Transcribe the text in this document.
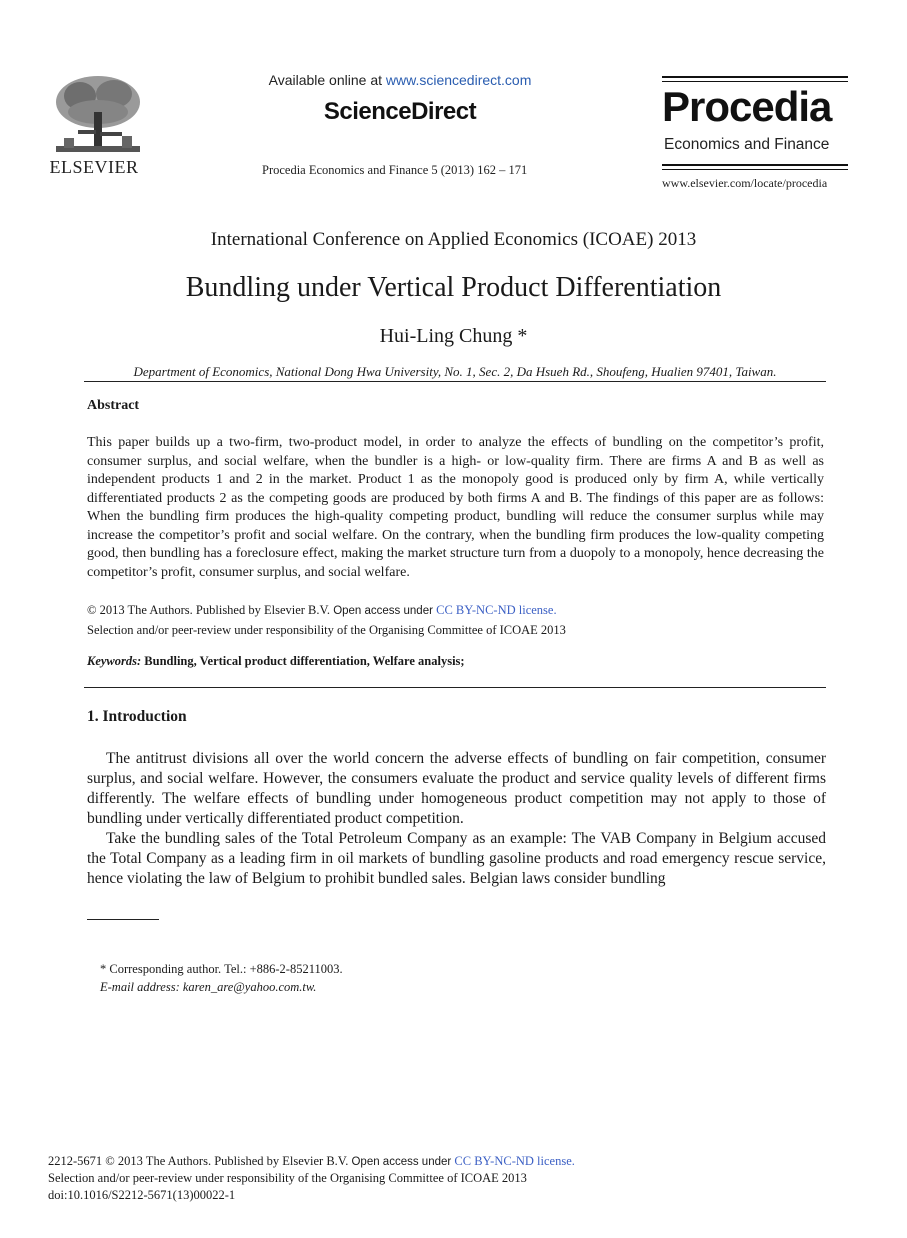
ELSEVIER
Available online at www.sciencedirect.com
ScienceDirect
Procedia Economics and Finance 5 (2013) 162 – 171
Procedia
Economics and Finance
www.elsevier.com/locate/procedia
International Conference on Applied Economics (ICOAE) 2013
Bundling under Vertical Product Differentiation
Hui-Ling Chung *
Department of Economics, National Dong Hwa University, No. 1, Sec. 2, Da Hsueh Rd., Shoufeng, Hualien 97401, Taiwan.
Abstract
This paper builds up a two-firm, two-product model, in order to analyze the effects of bundling on the competitor’s profit, consumer surplus, and social welfare, when the bundler is a high- or low-quality firm. There are firms A and B as well as independent products 1 and 2 in the market. Product 1 as the monopoly good is produced only by firm A, while vertically differentiated products 2 as the competing goods are produced by both firms A and B. The findings of this paper are as follows: When the bundling firm produces the high-quality competing product, bundling will reduce the consumer surplus while may increase the competitor’s profit and social welfare. On the contrary, when the bundling firm produces the low-quality competing good, then bundling has a foreclosure effect, making the market structure turn from a duopoly to a monopoly, hence decreasing the competitor’s profit, consumer surplus, and social welfare.
© 2013 The Authors. Published by Elsevier B.V. Open access under CC BY-NC-ND license.
Selection and/or peer-review under responsibility of the Organising Committee of ICOAE 2013
Keywords: Bundling, Vertical product differentiation, Welfare analysis;
1. Introduction
The antitrust divisions all over the world concern the adverse effects of bundling on fair competition, consumer surplus, and social welfare. However, the consumers evaluate the product and service quality levels of different firms differently. The welfare effects of bundling under homogeneous product competition may not apply to those of bundling under vertically differentiated product competition.
Take the bundling sales of the Total Petroleum Company as an example: The VAB Company in Belgium accused the Total Company as a leading firm in oil markets of bundling gasoline products and road emergency rescue service, hence violating the law of Belgium to prohibit bundled sales. Belgian laws consider bundling
* Corresponding author. Tel.: +886-2-85211003.
E-mail address: karen_are@yahoo.com.tw.
2212-5671 © 2013 The Authors. Published by Elsevier B.V. Open access under CC BY-NC-ND license.
Selection and/or peer-review under responsibility of the Organising Committee of ICOAE 2013
doi:10.1016/S2212-5671(13)00022-1
